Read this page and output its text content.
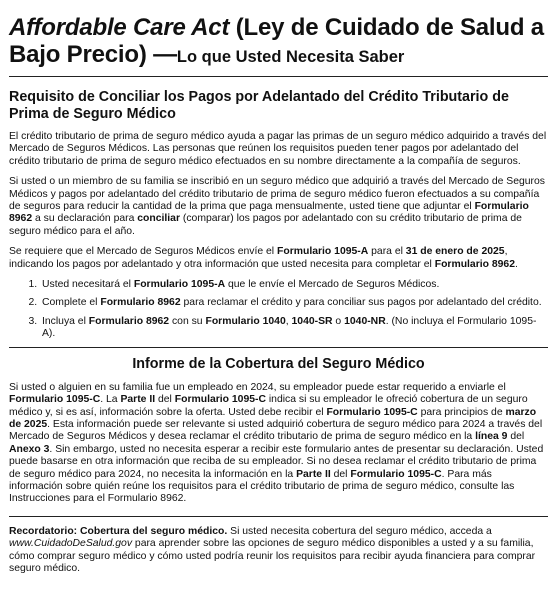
Affordable Care Act (Ley de Cuidado de Salud a Bajo Precio) —Lo que Usted Necesita Saber
Requisito de Conciliar los Pagos por Adelantado del Crédito Tributario de Prima de Seguro Médico

El crédito tributario de prima de seguro médico ayuda a pagar las primas de un seguro médico adquirido a través del Mercado de Seguros Médicos. Las personas que reúnen los requisitos pueden tener pagos por adelantado del crédito tributario de prima de seguro médico efectuados en su nombre directamente a la compañía de seguros.

Si usted o un miembro de su familia se inscribió en un seguro médico que adquirió a través del Mercado de Seguros Médicos y pagos por adelantado del crédito tributario de prima de seguro médico fueron efectuados a su compañía de seguros para reducir la cantidad de la prima que paga mensualmente, usted tiene que adjuntar el Formulario 8962 a su declaración para conciliar (comparar) los pagos por adelantado con su crédito tributario de prima de seguro médico para el año.

Se requiere que el Mercado de Seguros Médicos envíe el Formulario 1095-A para el 31 de enero de 2025, indicando los pagos por adelantado y otra información que usted necesita para completar el Formulario 8962.

1. Usted necesitará el Formulario 1095-A que le envíe el Mercado de Seguros Médicos.
2. Complete el Formulario 8962 para reclamar el crédito y para conciliar sus pagos por adelantado del crédito.
3. Incluya el Formulario 8962 con su Formulario 1040, 1040-SR o 1040-NR. (No incluya el Formulario 1095-A).
Informe de la Cobertura del Seguro Médico

Si usted o alguien en su familia fue un empleado en 2024, su empleador puede estar requerido a enviarle el Formulario 1095-C. La Parte II del Formulario 1095-C indica si su empleador le ofreció cobertura de un seguro médico y, si es así, información sobre la oferta. Usted debe recibir el Formulario 1095-C para principios de marzo de 2025. Esta información puede ser relevante si usted adquirió cobertura de seguro médico para 2024 a través del Mercado de Seguros Médicos y desea reclamar el crédito tributario de prima de seguro médico en la línea 9 del Anexo 3. Sin embargo, usted no necesita esperar a recibir este formulario antes de presentar su declaración. Usted puede basarse en otra información que reciba de su empleador. Si no desea reclamar el crédito tributario de prima de seguro médico para 2024, no necesita la información en la Parte II del Formulario 1095-C. Para más información sobre quién reúne los requisitos para el crédito tributario de prima de seguro médico, consulte las Instrucciones para el Formulario 8962.

Recordatorio: Cobertura del seguro médico. Si usted necesita cobertura del seguro médico, acceda a www.CuidadoDeSalud.gov para aprender sobre las opciones de seguro médico disponibles a usted y a su familia, cómo comprar seguro médico y cómo usted podría reunir los requisitos para recibir ayuda financiera para comprar seguro médico.
